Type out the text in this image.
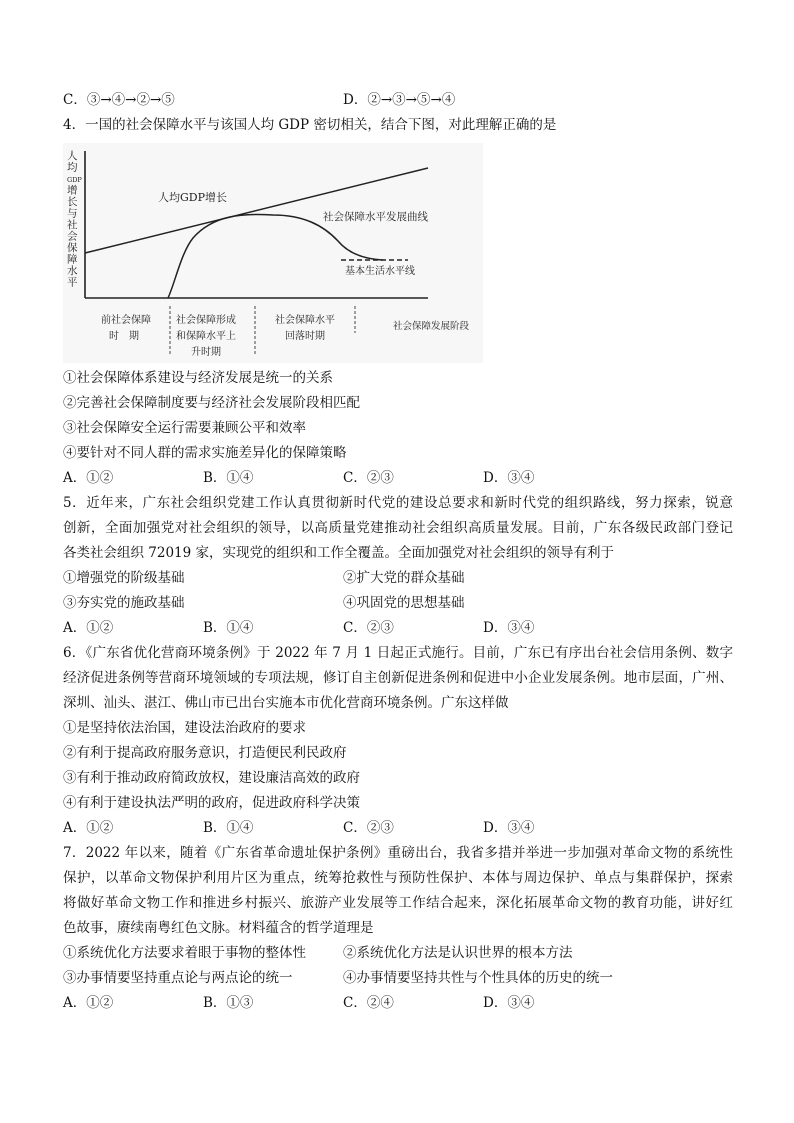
C．③→④→②→⑤	D．②→③→⑤→④
4．一国的社会保障水平与该国人均 GDP 密切相关，结合下图，对此理解正确的是
人均 GDP 增长与社会保障水平
人均GDP增长
社会保障水平发展曲线
基本生活水平线
前社会保障
时　期
社会保障形成
和保障水平上
升时期
社会保障水平
回落时期
社会保障发展阶段
①社会保障体系建设与经济发展是统一的关系
②完善社会保障制度要与经济社会发展阶段相匹配
③社会保障安全运行需要兼顾公平和效率
④要针对不同人群的需求实施差异化的保障策略
A．①②	B．①④	C．②③	D．③④
5．近年来，广东社会组织党建工作认真贯彻新时代党的建设总要求和新时代党的组织路线，努力探索，锐意
创新，全面加强党对社会组织的领导，以高质量党建推动社会组织高质量发展。目前，广东各级民政部门登记
各类社会组织 72019 家，实现党的组织和工作全覆盖。全面加强党对社会组织的领导有利于
①增强党的阶级基础	②扩大党的群众基础
③夯实党的施政基础	④巩固党的思想基础
A．①②	B．①④	C．②③	D．③④
6．《广东省优化营商环境条例》于 2022 年 7 月 1 日起正式施行。目前，广东已有序出台社会信用条例、数字
经济促进条例等营商环境领域的专项法规，修订自主创新促进条例和促进中小企业发展条例。地市层面，广州、
深圳、汕头、湛江、佛山市已出台实施本市优化营商环境条例。广东这样做
①是坚持依法治国，建设法治政府的要求
②有利于提高政府服务意识，打造便民利民政府
③有利于推动政府简政放权，建设廉洁高效的政府
④有利于建设执法严明的政府，促进政府科学决策
A．①②	B．①④	C．②③	D．③④
7．2022 年以来，随着《广东省革命遗址保护条例》重磅出台，我省多措并举进一步加强对革命文物的系统性
保护，以革命文物保护利用片区为重点，统筹抢救性与预防性保护、本体与周边保护、单点与集群保护，探索
将做好革命文物工作和推进乡村振兴、旅游产业发展等工作结合起来，深化拓展革命文物的教育功能，讲好红
色故事，赓续南粤红色文脉。材料蕴含的哲学道理是
①系统优化方法要求着眼于事物的整体性	②系统优化方法是认识世界的根本方法
③办事情要坚持重点论与两点论的统一	④办事情要坚持共性与个性具体的历史的统一
A．①②	B．①③	C．②④	D．③④
